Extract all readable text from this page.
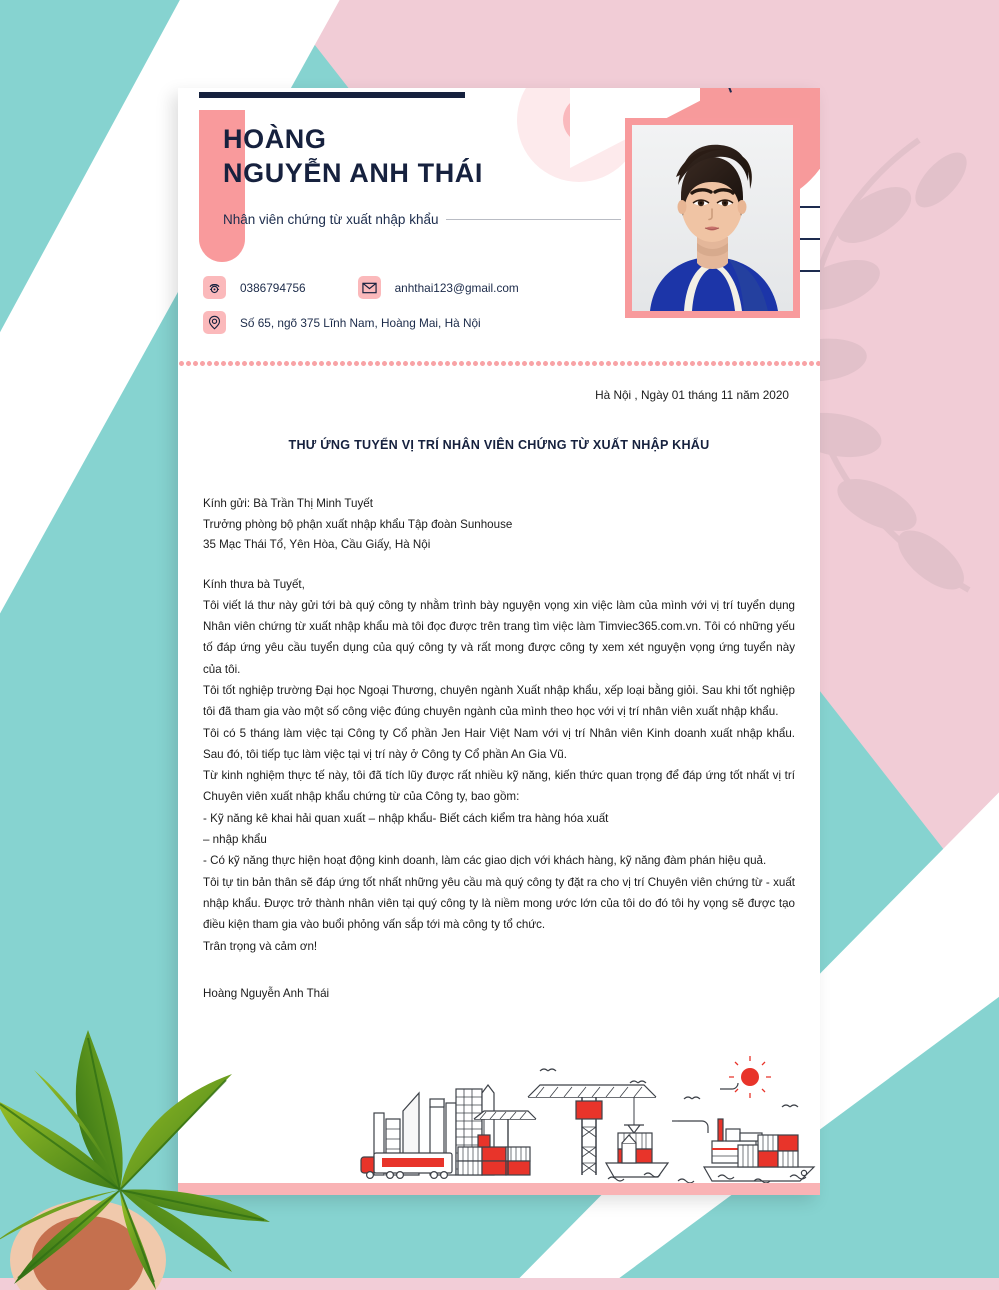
HOÀNG
NGUYỄN ANH THÁI
Nhân viên chứng từ xuất nhập khẩu
0386794756	anhthai123@gmail.com
Số 65, ngõ 375 Lĩnh Nam, Hoàng Mai, Hà Nội
Hà Nội , Ngày 01 tháng 11 năm 2020
THƯ ỨNG TUYỂN VỊ TRÍ NHÂN VIÊN CHỨNG TỪ XUẤT NHẬP KHẨU
Kính gửi: Bà Trần Thị Minh Tuyết
Trưởng phòng bộ phận xuất nhập khẩu Tập đoàn Sunhouse
35 Mạc Thái Tổ, Yên Hòa, Cầu Giấy, Hà Nội

Kính thưa bà Tuyết,

Tôi viết lá thư này gửi tới bà quý công ty nhằm trình bày nguyện vọng xin việc làm của mình với vị trí tuyển dụng Nhân viên chứng từ xuất nhập khẩu mà tôi đọc được trên trang tìm việc làm Timviec365.com.vn. Tôi có những yếu tố đáp ứng yêu cầu tuyển dụng của quý công ty và rất mong được công ty xem xét nguyện vọng ứng tuyển này của tôi.

Tôi tốt nghiệp trường Đại học Ngoại Thương, chuyên ngành Xuất nhập khẩu, xếp loại bằng giỏi. Sau khi tốt nghiệp tôi đã tham gia vào một số công việc đúng chuyên ngành của mình theo học với vị trí nhân viên xuất nhập khẩu.

Tôi có 5 tháng làm việc tại Công ty Cổ phần Jen Hair Việt Nam với vị trí Nhân viên Kinh doanh xuất nhập khẩu. Sau đó, tôi tiếp tục làm việc tại vị trí này ở Công ty Cổ phần An Gia Vũ.

Từ kinh nghiệm thực tế này, tôi đã tích lũy được rất nhiều kỹ năng, kiến thức quan trọng để đáp ứng tốt nhất vị trí Chuyên viên xuất nhập khẩu chứng từ của Công ty, bao gồm:

- Kỹ năng kê khai hải quan xuất – nhập khẩu- Biết cách kiểm tra hàng hóa xuất

– nhập khẩu

- Có kỹ năng thực hiện hoạt động kinh doanh, làm các giao dịch với khách hàng, kỹ năng đàm phán hiệu quả.

Tôi tự tin bản thân sẽ đáp ứng tốt nhất những yêu cầu mà quý công ty đặt ra cho vị trí Chuyên viên chứng từ - xuất nhập khẩu. Được trở thành nhân viên tại quý công ty là niềm mong ước lớn của tôi do đó tôi hy vọng sẽ được tạo điều kiện tham gia vào buổi phỏng vấn sắp tới mà công ty tổ chức.

Trân trọng và cảm ơn!

Hoàng Nguyễn Anh Thái
